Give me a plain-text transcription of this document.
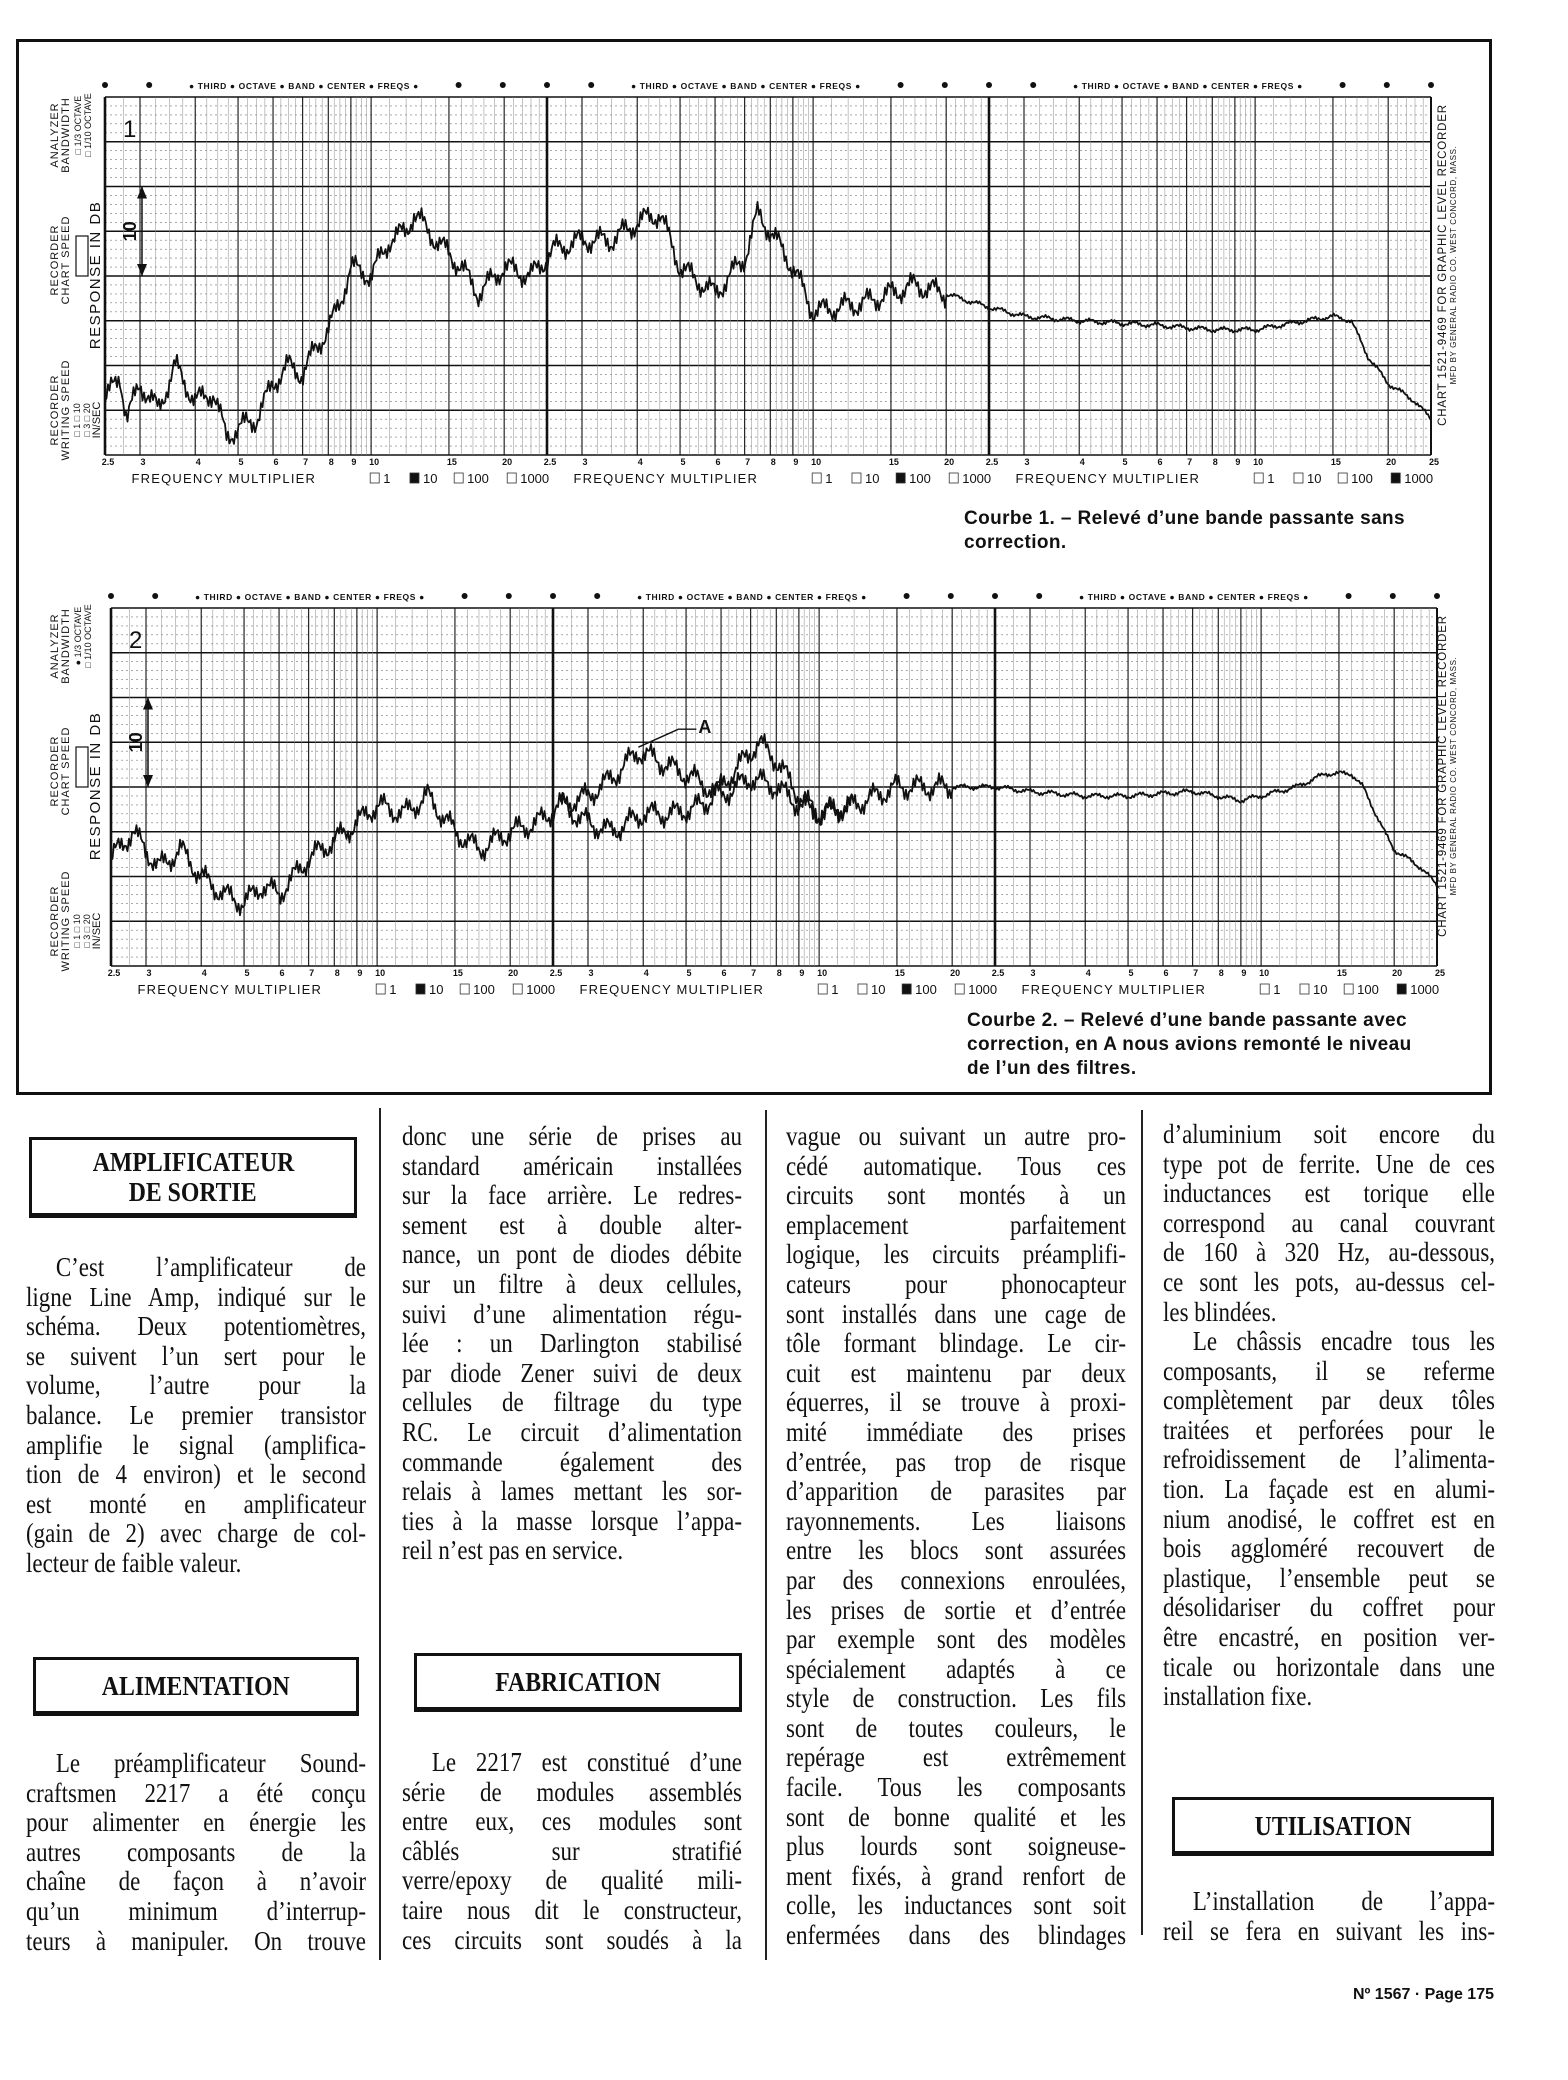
ANALYZER BANDWIDTH □ 1/3 OCTAVE □ 1/10 OCTAVE
RECORDER CHART SPEED RESPONSE IN DB
RECORDER WRITING SPEED □ 1 □ 10 □ 3 □ 20 IN/SEC	CHART 1521-9469 FOR GRAPHIC LEVEL RECORDER MFD BY GENERAL RADIO CO. WEST CONCORD, MASS.
2.5	3	4	5	6	7 8 9 10	15	20
FREQUENCY MULTIPLIER	1	10 100 1000
● THIRD ● OCTAVE ● BAND ● CENTER ● FREQS ●
2.5	3	4	5	6	7 8 9 10	15	20
FREQUENCY MULTIPLIER	1	10 100 1000
● THIRD ● OCTAVE ● BAND ● CENTER ● FREQS ●
2.5	3	4	5	6	7 8 9 10	15	20	25
FREQUENCY MULTIPLIER	1	10 100 1000
● THIRD ● OCTAVE ● BAND ● CENTER ● FREQS ●
1
10
ANALYZER BANDWIDTH ● 1/3 OCTAVE □ 1/10 OCTAVE
RECORDER CHART SPEED RESPONSE IN DB
RECORDER WRITING SPEED □ 1 □ 10 □ 3 □ 20 IN/SEC	CHART 1521-9469 FOR GRAPHIC LEVEL RECORDER MFD BY GENERAL RADIO CO. WEST CONCORD, MASS.
2.5	3	4	5	6	7 8 9 10	15	20
FREQUENCY MULTIPLIER	1	10 100 1000
● THIRD ● OCTAVE ● BAND ● CENTER ● FREQS ●
2.5	3	4	5	6	7 8 9 10	15	20
FREQUENCY MULTIPLIER	1	10 100 1000
● THIRD ● OCTAVE ● BAND ● CENTER ● FREQS ●
2.5	3	4	5	6	7 8 9 10	15	20	25
FREQUENCY MULTIPLIER	1	10 100 1000
● THIRD ● OCTAVE ● BAND ● CENTER ● FREQS ●
2
10
A
Courbe 1. – Relevé d’une bande passante sans
correction.
Courbe 2. – Relevé d’une bande passante avec
correction, en A nous avions remonté le niveau
de l’un des filtres.
AMPLIFICATEUR
DE SORTIE
ALIMENTATION	FABRICATION
UTILISATION
C’est l’amplificateur de
ligne Line Amp, indiqué sur le
schéma. Deux potentiomètres,
se suivent l’un sert pour le
volume, l’autre pour la
balance. Le premier transistor
amplifie le signal (amplifica-
tion de 4 environ) et le second
est monté en amplificateur
(gain de 2) avec charge de col-
lecteur de faible valeur.
Le préamplificateur Sound-
craftsmen 2217 a été conçu
pour alimenter en énergie les
autres composants de la
chaîne de façon à n’avoir
qu’un minimum d’interrup-
teurs à manipuler. On trouve
donc une série de prises au
standard américain installées
sur la face arrière. Le redres-
sement est à double alter-
nance, un pont de diodes débite
sur un filtre à deux cellules,
suivi d’une alimentation régu-
lée : un Darlington stabilisé
par diode Zener suivi de deux
cellules de filtrage du type
RC. Le circuit d’alimentation
commande également des
relais à lames mettant les sor-
ties à la masse lorsque l’appa-
reil n’est pas en service.
Le 2217 est constitué d’une
série de modules assemblés
entre eux, ces modules sont
câblés sur stratifié
verre/epoxy de qualité mili-
taire nous dit le constructeur,
ces circuits sont soudés à la
vague ou suivant un autre pro-
cédé automatique. Tous ces
circuits sont montés à un
emplacement parfaitement
logique, les circuits préamplifi-
cateurs pour phonocapteur
sont installés dans une cage de
tôle formant blindage. Le cir-
cuit est maintenu par deux
équerres, il se trouve à proxi-
mité immédiate des prises
d’entrée, pas trop de risque
d’apparition de parasites par
rayonnements. Les liaisons
entre les blocs sont assurées
par des connexions enroulées,
les prises de sortie et d’entrée
par exemple sont des modèles
spécialement adaptés à ce
style de construction. Les fils
sont de toutes couleurs, le
repérage est extrêmement
facile. Tous les composants
sont de bonne qualité et les
plus lourds sont soigneuse-
ment fixés, à grand renfort de
colle, les inductances sont soit
enfermées dans des blindages
d’aluminium soit encore du
type pot de ferrite. Une de ces
inductances est torique elle
correspond au canal couvrant
de 160 à 320 Hz, au-dessous,
ce sont les pots, au-dessus cel-
les blindées.
Le châssis encadre tous les
composants, il se referme
complètement par deux tôles
traitées et perforées pour le
refroidissement de l’alimenta-
tion. La façade est en alumi-
nium anodisé, le coffret est en
bois aggloméré recouvert de
plastique, l’ensemble peut se
désolidariser du coffret pour
être encastré, en position ver-
ticale ou horizontale dans une
installation fixe.
L’installation de l’appa-
reil se fera en suivant les ins-
Nº 1567 · Page 175
